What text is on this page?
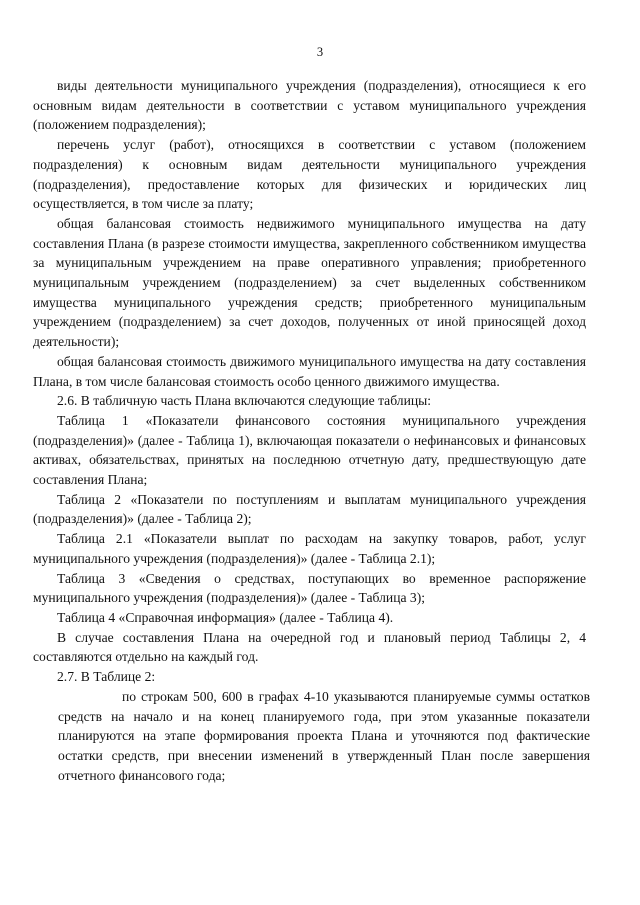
3

виды деятельности муниципального учреждения (подразделения), относящиеся к его основным видам деятельности в соответствии с уставом муниципального учреждения (положением подразделения);

перечень услуг (работ), относящихся в соответствии с уставом (положением подразделения) к основным видам деятельности муниципального учреждения (подразделения), предоставление которых для физических и юридических лиц осуществляется, в том числе за плату;

общая балансовая стоимость недвижимого муниципального имущества на дату составления Плана (в разрезе стоимости имущества, закрепленного собственником имущества за муниципальным учреждением на праве оперативного управления; приобретенного муниципальным учреждением (подразделением) за счет выделенных собственником имущества муниципального учреждения средств; приобретенного муниципальным учреждением (подразделением) за счет доходов, полученных от иной приносящей доход деятельности);

общая балансовая стоимость движимого муниципального имущества на дату составления Плана, в том числе балансовая стоимость особо ценного движимого имущества.

2.6. В табличную часть Плана включаются следующие таблицы:

Таблица 1 «Показатели финансового состояния муниципального учреждения (подразделения)» (далее - Таблица 1), включающая показатели о нефинансовых и финансовых активах, обязательствах, принятых на последнюю отчетную дату, предшествующую дате составления Плана;

Таблица 2 «Показатели по поступлениям и выплатам муниципального учреждения (подразделения)» (далее - Таблица 2);

Таблица 2.1 «Показатели выплат по расходам на закупку товаров, работ, услуг муниципального учреждения (подразделения)» (далее - Таблица 2.1);

Таблица 3 «Сведения о средствах, поступающих во временное распоряжение муниципального учреждения (подразделения)» (далее - Таблица 3);

Таблица 4 «Справочная информация» (далее - Таблица 4).

В случае составления Плана на очередной год и плановый период Таблицы 2, 4 составляются отдельно на каждый год.

2.7. В Таблице 2:

по строкам 500, 600 в графах 4-10 указываются планируемые суммы остатков средств на начало и на конец планируемого года, при этом указанные показатели планируются на этапе формирования проекта Плана и уточняются под фактические остатки средств, при внесении изменений в утвержденный План после завершения отчетного финансового года;
